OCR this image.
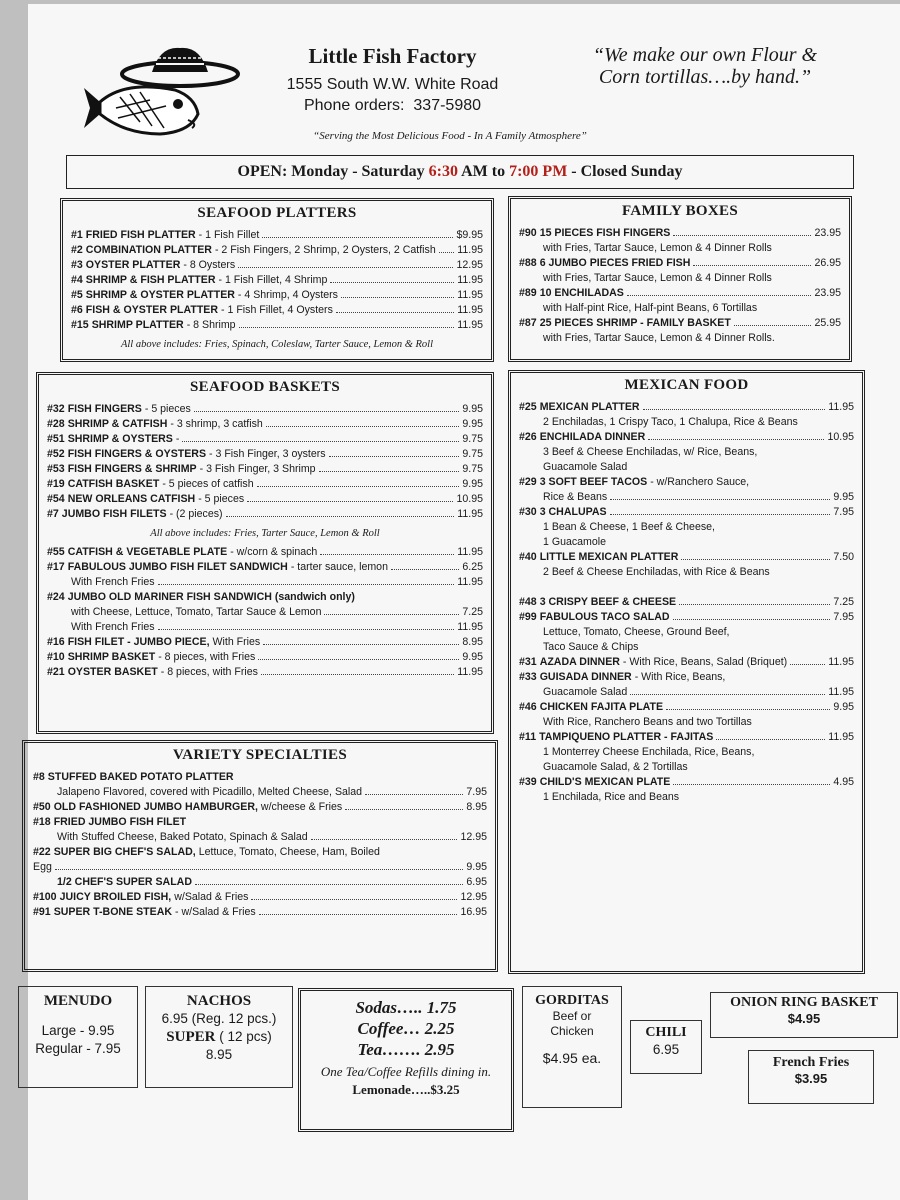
Little Fish Factory
1555 South W.W. White Road
Phone orders: 337-5980
“We make our own Flour & Corn tortillas….by hand.”
“Serving the Most Delicious Food - In A Family Atmosphere”
OPEN: Monday - Saturday 6:30 AM to 7:00 PM - Closed Sunday
SEAFOOD PLATTERS
#1 FRIED FISH PLATTER - 1 Fish Fillet	$9.95
#2 COMBINATION PLATTER - 2 Fish Fingers, 2 Shrimp, 2 Oysters, 2 Catfish 11.95
#3 OYSTER PLATTER - 8 Oysters	12.95
#4 SHRIMP & FISH PLATTER - 1 Fish Fillet, 4 Shrimp	11.95
#5 SHRIMP & OYSTER PLATTER - 4 Shrimp, 4 Oysters	11.95
#6 FISH & OYSTER PLATTER - 1 Fish Fillet, 4 Oysters	11.95
#15 SHRIMP PLATTER - 8 Shrimp	11.95
All above includes: Fries, Spinach, Coleslaw, Tarter Sauce, Lemon & Roll
FAMILY BOXES
#90 15 PIECES FISH FINGERS	23.95
with Fries, Tartar Sauce, Lemon & 4 Dinner Rolls
#88 6 JUMBO PIECES FRIED FISH	26.95
with Fries, Tartar Sauce, Lemon & 4 Dinner Rolls
#89 10 ENCHILADAS	23.95
with Half-pint Rice, Half-pint Beans, 6 Tortillas
#87 25 PIECES SHRIMP - FAMILY BASKET	25.95
with Fries, Tartar Sauce, Lemon & 4 Dinner Rolls.
SEAFOOD BASKETS
#32 FISH FINGERS - 5 pieces	9.95
#28 SHRIMP & CATFISH - 3 shrimp, 3 catfish	9.95
#51 SHRIMP & OYSTERS -	9.75
#52 FISH FINGERS & OYSTERS - 3 Fish Finger, 3 oysters	9.75
#53 FISH FINGERS & SHRIMP - 3 Fish Finger, 3 Shrimp	9.75
#19 CATFISH BASKET - 5 pieces of catfish	9.95
#54 NEW ORLEANS CATFISH - 5 pieces	10.95
#7 JUMBO FISH FILETS - (2 pieces)	11.95
All above includes: Fries, Tarter Sauce, Lemon & Roll
#55 CATFISH & VEGETABLE PLATE - w/corn & spinach	11.95
#17 FABULOUS JUMBO FISH FILET SANDWICH - tarter sauce, lemon	6.25
With French Fries	11.95
#24 JUMBO OLD MARINER FISH SANDWICH (sandwich only)
with Cheese, Lettuce, Tomato, Tartar Sauce & Lemon	7.25
With French Fries	11.95
#16 FISH FILET - JUMBO PIECE, With Fries	8.95
#10 SHRIMP BASKET - 8 pieces, with Fries	9.95
#21 OYSTER BASKET - 8 pieces, with Fries	11.95
MEXICAN FOOD
#25 MEXICAN PLATTER	11.95
2 Enchiladas, 1 Crispy Taco, 1 Chalupa, Rice & Beans
#26 ENCHILADA DINNER	10.95
3 Beef & Cheese Enchiladas, w/ Rice, Beans,
Guacamole Salad
#29 3 SOFT BEEF TACOS - w/Ranchero Sauce,
Rice & Beans	9.95
#30 3 CHALUPAS	7.95
1 Bean & Cheese, 1 Beef & Cheese,
1 Guacamole
#40 LITTLE MEXICAN PLATTER	7.50
2 Beef & Cheese Enchiladas, with Rice & Beans
#48 3 CRISPY BEEF & CHEESE	7.25
#99 FABULOUS TACO SALAD	7.95
Lettuce, Tomato, Cheese, Ground Beef,
Taco Sauce & Chips
#31 AZADA DINNER - With Rice, Beans, Salad (Briquet)	11.95
#33 GUISADA DINNER - With Rice, Beans,
Guacamole Salad	11.95
#46 CHICKEN FAJITA PLATE	9.95
With Rice, Ranchero Beans and two Tortillas
#11 TAMPIQUENO PLATTER - FAJITAS	11.95
1 Monterrey Cheese Enchilada, Rice, Beans,
Guacamole Salad, & 2 Tortillas
#39 CHILD'S MEXICAN PLATE	4.95
1 Enchilada, Rice and Beans
VARIETY SPECIALTIES
#8 STUFFED BAKED POTATO PLATTER
Jalapeno Flavored, covered with Picadillo, Melted Cheese, Salad	7.95
#50 OLD FASHIONED JUMBO HAMBURGER, w/cheese & Fries	8.95
#18 FRIED JUMBO FISH FILET
With Stuffed Cheese, Baked Potato, Spinach & Salad	12.95
#22 SUPER BIG CHEF'S SALAD, Lettuce, Tomato, Cheese, Ham, Boiled
Egg	9.95
1/2 CHEF'S SUPER SALAD	6.95
#100 JUICY BROILED FISH, w/Salad & Fries	12.95
#91 SUPER T-BONE STEAK - w/Salad & Fries	16.95
MENUDO
Large - 9.95
Regular - 7.95
NACHOS
6.95 (Reg. 12 pcs.)
SUPER ( 12 pcs)
8.95
Sodas….. 1.75
Coffee… 2.25
Tea……. 2.95
One Tea/Coffee Refills dining in.
Lemonade…..$3.25
GORDITAS
Beef or
Chicken
$4.95 ea.
CHILI
6.95
ONION RING BASKET
$4.95
French Fries
$3.95
